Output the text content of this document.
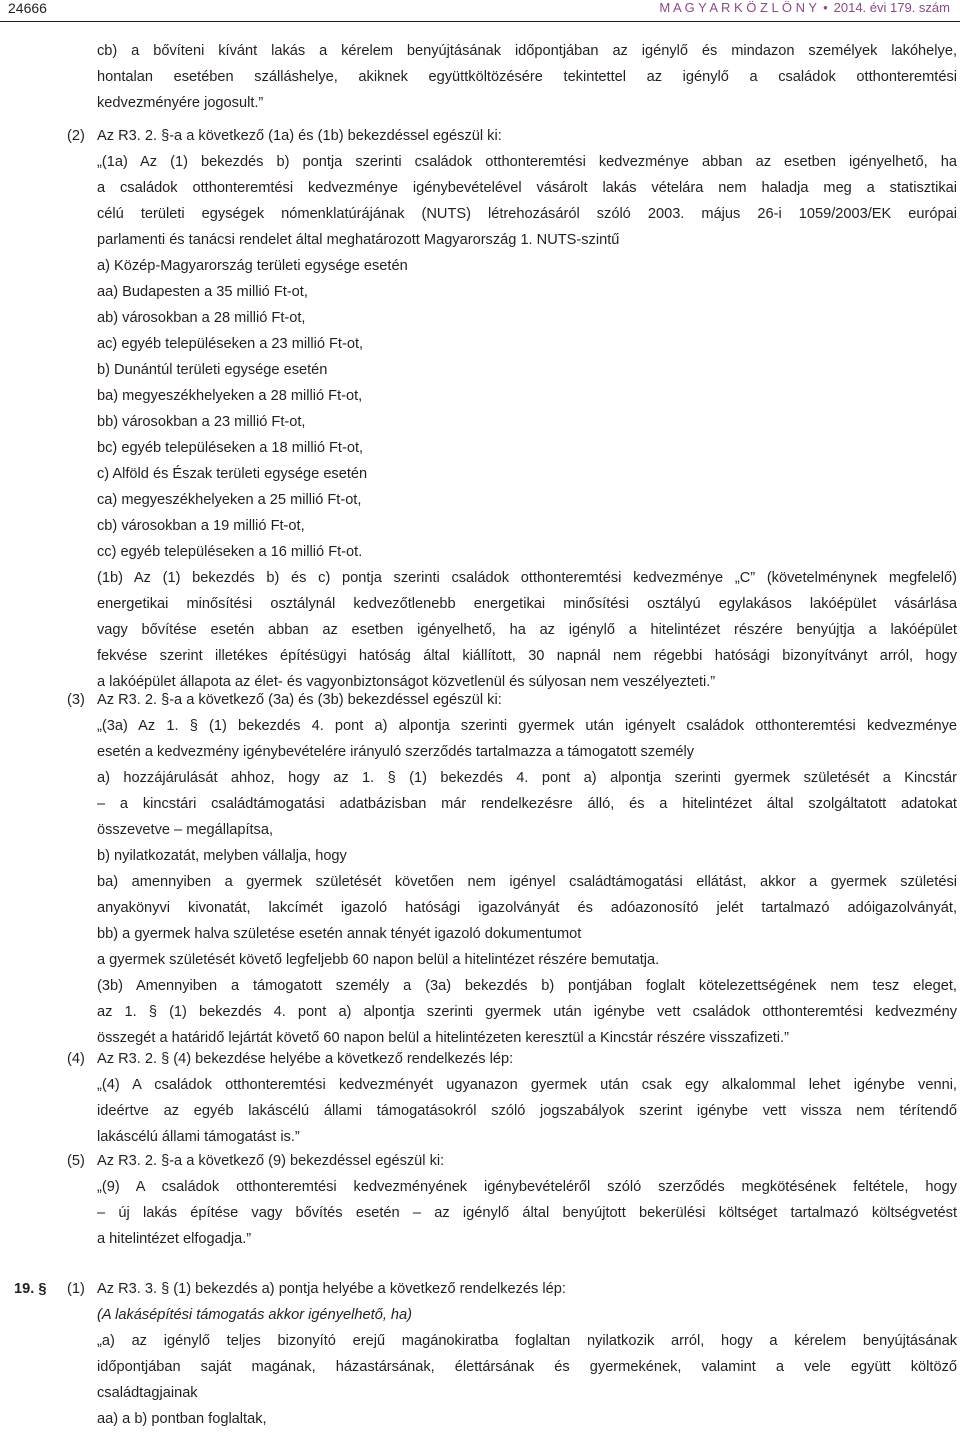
24666	M A G Y A R K Ö Z L Ö N Y • 2014. évi 179. szám
(2)
(3)
(4)
(5)
19. § (1)
cb) a bővíteni kívánt lakás a kérelem benyújtásának időpontjában az igénylő és mindazon személyek lakóhelye,
hontalan esetében szálláshelye, akiknek együttköltözésére tekintettel az igénylő a családok otthonteremtési
kedvezményére jogosult.”
Az R3. 2. §-a a következő (1a) és (1b) bekezdéssel egészül ki:
„(1a) Az (1) bekezdés b) pontja szerinti családok otthonteremtési kedvezménye abban az esetben igényelhető, ha
a családok otthonteremtési kedvezménye igénybevételével vásárolt lakás vételára nem haladja meg a statisztikai
célú területi egységek nómenklatúrájának (NUTS) létrehozásáról szóló 2003. május 26-i 1059/2003/EK európai
parlamenti és tanácsi rendelet által meghatározott Magyarország 1. NUTS-szintű
a) Közép-Magyarország területi egysége esetén
aa) Budapesten a 35 millió Ft-ot,
ab) városokban a 28 millió Ft-ot,
ac) egyéb településeken a 23 millió Ft-ot,
b) Dunántúl területi egysége esetén
ba) megyeszékhelyeken a 28 millió Ft-ot,
bb) városokban a 23 millió Ft-ot,
bc) egyéb településeken a 18 millió Ft-ot,
c) Alföld és Észak területi egysége esetén
ca) megyeszékhelyeken a 25 millió Ft-ot,
cb) városokban a 19 millió Ft-ot,
cc) egyéb településeken a 16 millió Ft-ot.
(1b) Az (1) bekezdés b) és c) pontja szerinti családok otthonteremtési kedvezménye „C” (követelménynek megfelelő)
energetikai minősítési osztálynál kedvezőtlenebb energetikai minősítési osztályú egylakásos lakóépület vásárlása
vagy bővítése esetén abban az esetben igényelhető, ha az igénylő a hitelintézet részére benyújtja a lakóépület
fekvése szerint illetékes építésügyi hatóság által kiállított, 30 napnál nem régebbi hatósági bizonyítványt arról, hogy
a lakóépület állapota az élet- és vagyonbiztonságot közvetlenül és súlyosan nem veszélyezteti.”
Az R3. 2. §-a a következő (3a) és (3b) bekezdéssel egészül ki:
„(3a) Az 1. § (1) bekezdés 4. pont a) alpontja szerinti gyermek után igényelt családok otthonteremtési kedvezménye
esetén a kedvezmény igénybevételére irányuló szerződés tartalmazza a támogatott személy
a) hozzájárulását ahhoz, hogy az 1. § (1) bekezdés 4. pont a) alpontja szerinti gyermek születését a Kincstár
– a kincstári családtámogatási adatbázisban már rendelkezésre álló, és a hitelintézet által szolgáltatott adatokat
összevetve – megállapítsa,
b) nyilatkozatát, melyben vállalja, hogy
ba) amennyiben a gyermek születését követően nem igényel családtámogatási ellátást, akkor a gyermek születési
anyakönyvi kivonatát, lakcímét igazoló hatósági igazolványát és adóazonosító jelét tartalmazó adóigazolványát,
bb) a gyermek halva születése esetén annak tényét igazoló dokumentumot
a gyermek születését követő legfeljebb 60 napon belül a hitelintézet részére bemutatja.
(3b) Amennyiben a támogatott személy a (3a) bekezdés b) pontjában foglalt kötelezettségének nem tesz eleget,
az 1. § (1) bekezdés 4. pont a) alpontja szerinti gyermek után igénybe vett családok otthonteremtési kedvezmény
összegét a határidő lejártát követő 60 napon belül a hitelintézeten keresztül a Kincstár részére visszafizeti.”
Az R3. 2. § (4) bekezdése helyébe a következő rendelkezés lép:
„(4) A családok otthonteremtési kedvezményét ugyanazon gyermek után csak egy alkalommal lehet igénybe venni,
ideértve az egyéb lakáscélú állami támogatásokról szóló jogszabályok szerint igénybe vett vissza nem térítendő
lakáscélú állami támogatást is.”
Az R3. 2. §-a a következő (9) bekezdéssel egészül ki:
„(9) A családok otthonteremtési kedvezményének igénybevételéről szóló szerződés megkötésének feltétele, hogy
– új lakás építése vagy bővítés esetén – az igénylő által benyújtott bekerülési költséget tartalmazó költségvetést
a hitelintézet elfogadja.”
Az R3. 3. § (1) bekezdés a) pontja helyébe a következő rendelkezés lép:
(A lakásépítési támogatás akkor igényelhető, ha)
„a) az igénylő teljes bizonyító erejű magánokiratba foglaltan nyilatkozik arról, hogy a kérelem benyújtásának
időpontjában saját magának, házastársának, élettársának és gyermekének, valamint a vele együtt költöző
családtagjainak
aa) a b) pontban foglaltak,
